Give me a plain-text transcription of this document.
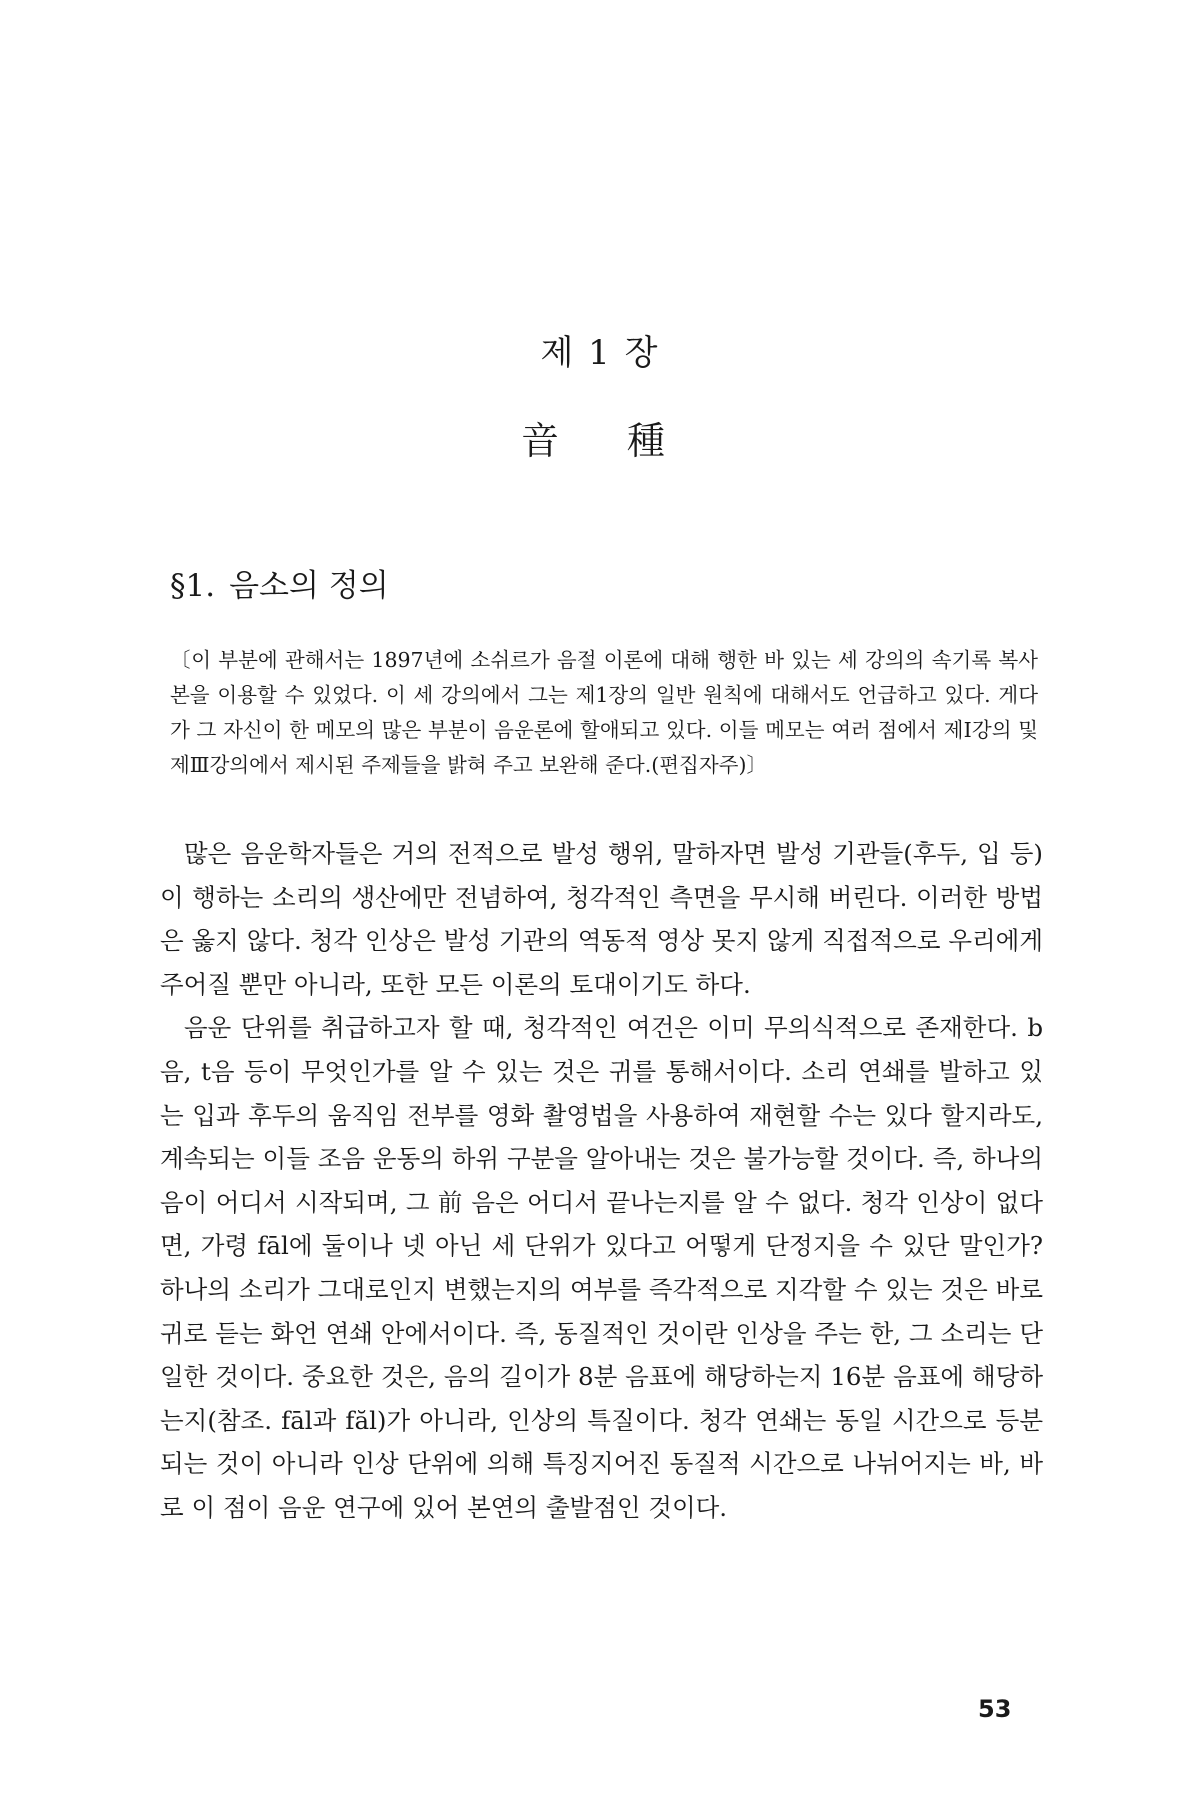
제 1 장
音 種
§1. 음소의 정의
〔이 부분에 관해서는 1897년에 소쉬르가 음절 이론에 대해 행한 바 있는 세 강의의 속기록 복사본을 이용할 수 있었다. 이 세 강의에서 그는 제1장의 일반 원칙에 대해서도 언급하고 있다. 게다가 그 자신이 한 메모의 많은 부분이 음운론에 할애되고 있다. 이들 메모는 여러 점에서 제Ⅰ강의 및 제Ⅲ강의에서 제시된 주제들을 밝혀 주고 보완해 준다.(편집자주)〕

많은 음운학자들은 거의 전적으로 발성 행위, 말하자면 발성 기관들(후두, 입 등)이 행하는 소리의 생산에만 전념하여, 청각적인 측면을 무시해 버린다. 이러한 방법은 옳지 않다. 청각 인상은 발성 기관의 역동적 영상 못지 않게 직접적으로 우리에게 주어질 뿐만 아니라, 또한 모든 이론의 토대이기도 하다.

음운 단위를 취급하고자 할 때, 청각적인 여건은 이미 무의식적으로 존재한다. b음, t음 등이 무엇인가를 알 수 있는 것은 귀를 통해서이다. 소리 연쇄를 발하고 있는 입과 후두의 움직임 전부를 영화 촬영법을 사용하여 재현할 수는 있다 할지라도, 계속되는 이들 조음 운동의 하위 구분을 알아내는 것은 불가능할 것이다. 즉, 하나의 음이 어디서 시작되며, 그 前 음은 어디서 끝나는지를 알 수 없다. 청각 인상이 없다면, 가령 fāl에 둘이나 넷 아닌 세 단위가 있다고 어떻게 단정지을 수 있단 말인가? 하나의 소리가 그대로인지 변했는지의 여부를 즉각적으로 지각할 수 있는 것은 바로 귀로 듣는 화언 연쇄 안에서이다. 즉, 동질적인 것이란 인상을 주는 한, 그 소리는 단일한 것이다. 중요한 것은, 음의 길이가 8분 음표에 해당하는지 16분 음표에 해당하는지(참조. fāl과 făl)가 아니라, 인상의 특질이다. 청각 연쇄는 동일 시간으로 등분되는 것이 아니라 인상 단위에 의해 특징지어진 동질적 시간으로 나뉘어지는 바, 바로 이 점이 음운 연구에 있어 본연의 출발점인 것이다.

53
